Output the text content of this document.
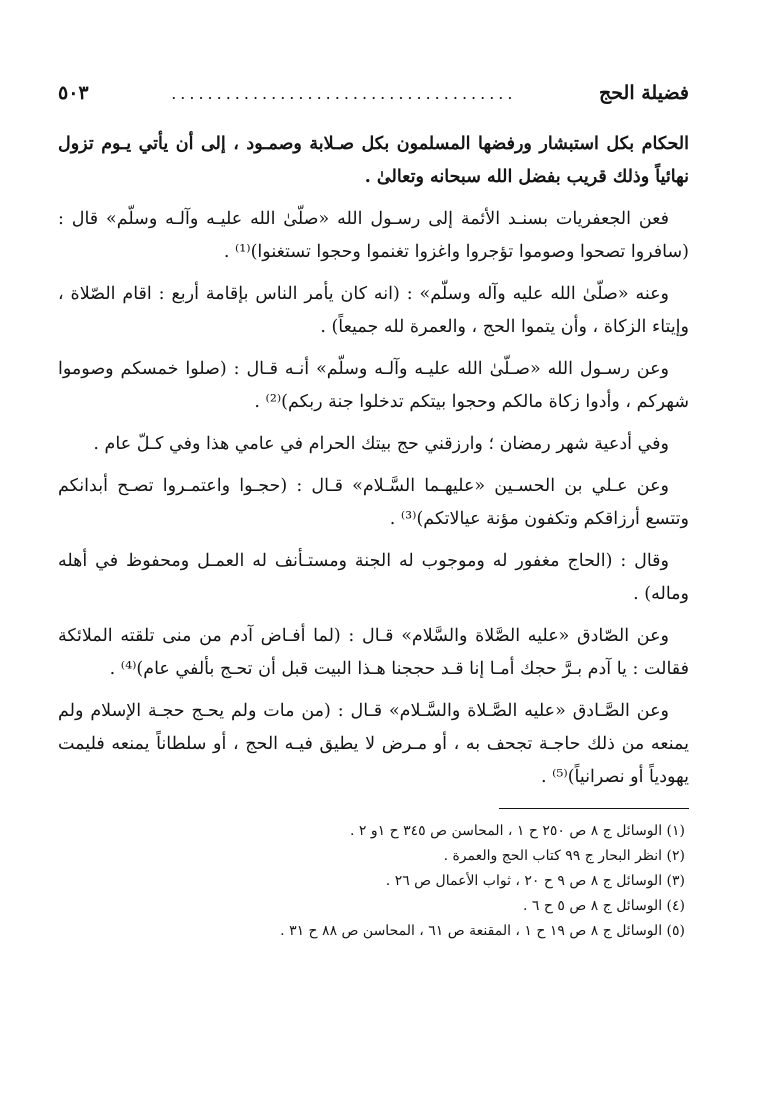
فضيلة الحج
......................................
٥٠٣

الحكام بكل استبشار ورفضها المسلمون بكل صـلابة وصمـود ، إلى أن يأتي يـوم تزول نهائياً وذلك قريب بفضل الله سبحانه وتعالىٰ .

فعن الجعفريات بسنـد الأئمة إلى رسـول الله «صلّیٰ الله عليـه وآلـه وسلّم» قال : (سافروا تصحوا وصوموا تؤجروا واغزوا تغنموا وحجوا تستغنوا)⁽¹⁾ .

وعنه «صلّیٰ الله عليه وآله وسلّم» : (انه كان يأمر الناس بإقامة أربع : اقام الصّلاة ، وإيتاء الزكاة ، وأن يتموا الحج ، والعمرة لله جميعاً) .

وعن رسـول الله «صـلّیٰ الله عليـه وآلـه وسلّم» أنـه قـال : (صلوا خمسكم وصوموا شهركم ، وأدوا زكاة مالكم وحجوا بيتكم تدخلوا جنة ربكم)⁽²⁾ .

وفي أدعية شهر رمضان ؛ وارزقني حج بيتك الحرام في عامي هذا وفي كـلّ عام .

وعن عـلي بن الحسـين «عليهـما السَّـلام» قـال : (حجـوا واعتمـروا تصـح أبدانكم وتتسع أرزاقكم وتكفون مؤنة عيالاتكم)⁽³⁾ .

وقال : (الحاج مغفور له وموجوب له الجنة ومستـأنف له العمـل ومحفوظ في أهله وماله) .

وعن الصّادق «عليه الصَّلاة والسَّلام» قـال : (لما أفـاض آدم من منى تلقته الملائكة فقالت : يا آدم بـرَّ حجك أمـا إنا قـد حججنا هـذا البيت قبل أن تحـج بألفي عام)⁽⁴⁾ .

وعن الصَّـادق «عليه الصَّـلاة والسَّـلام» قـال : (من مات ولم يحـج حجـة الإسلام ولم يمنعه من ذلك حاجـة تجحف به ، أو مـرض لا يطيق فيـه الحج ، أو سلطاناً يمنعه فليمت يهودياً أو نصرانياً)⁽⁵⁾ .

(١) الوسائل ج ٨ ص ٢٥٠ ح ١ ، المحاسن ص ٣٤٥ ح ١و ٢ .

(٢) انظر البحار ج ٩٩ كتاب الحج والعمرة .

(٣) الوسائل ج ٨ ص ٩ ح ٢٠ ، ثواب الأعمال ص ٢٦ .

(٤) الوسائل ج ٨ ص ٥ ح ٦ .

(٥) الوسائل ج ٨ ص ١٩ ح ١ ، المقنعة ص ٦١ ، المحاسن ص ٨٨ ح ٣١ .
